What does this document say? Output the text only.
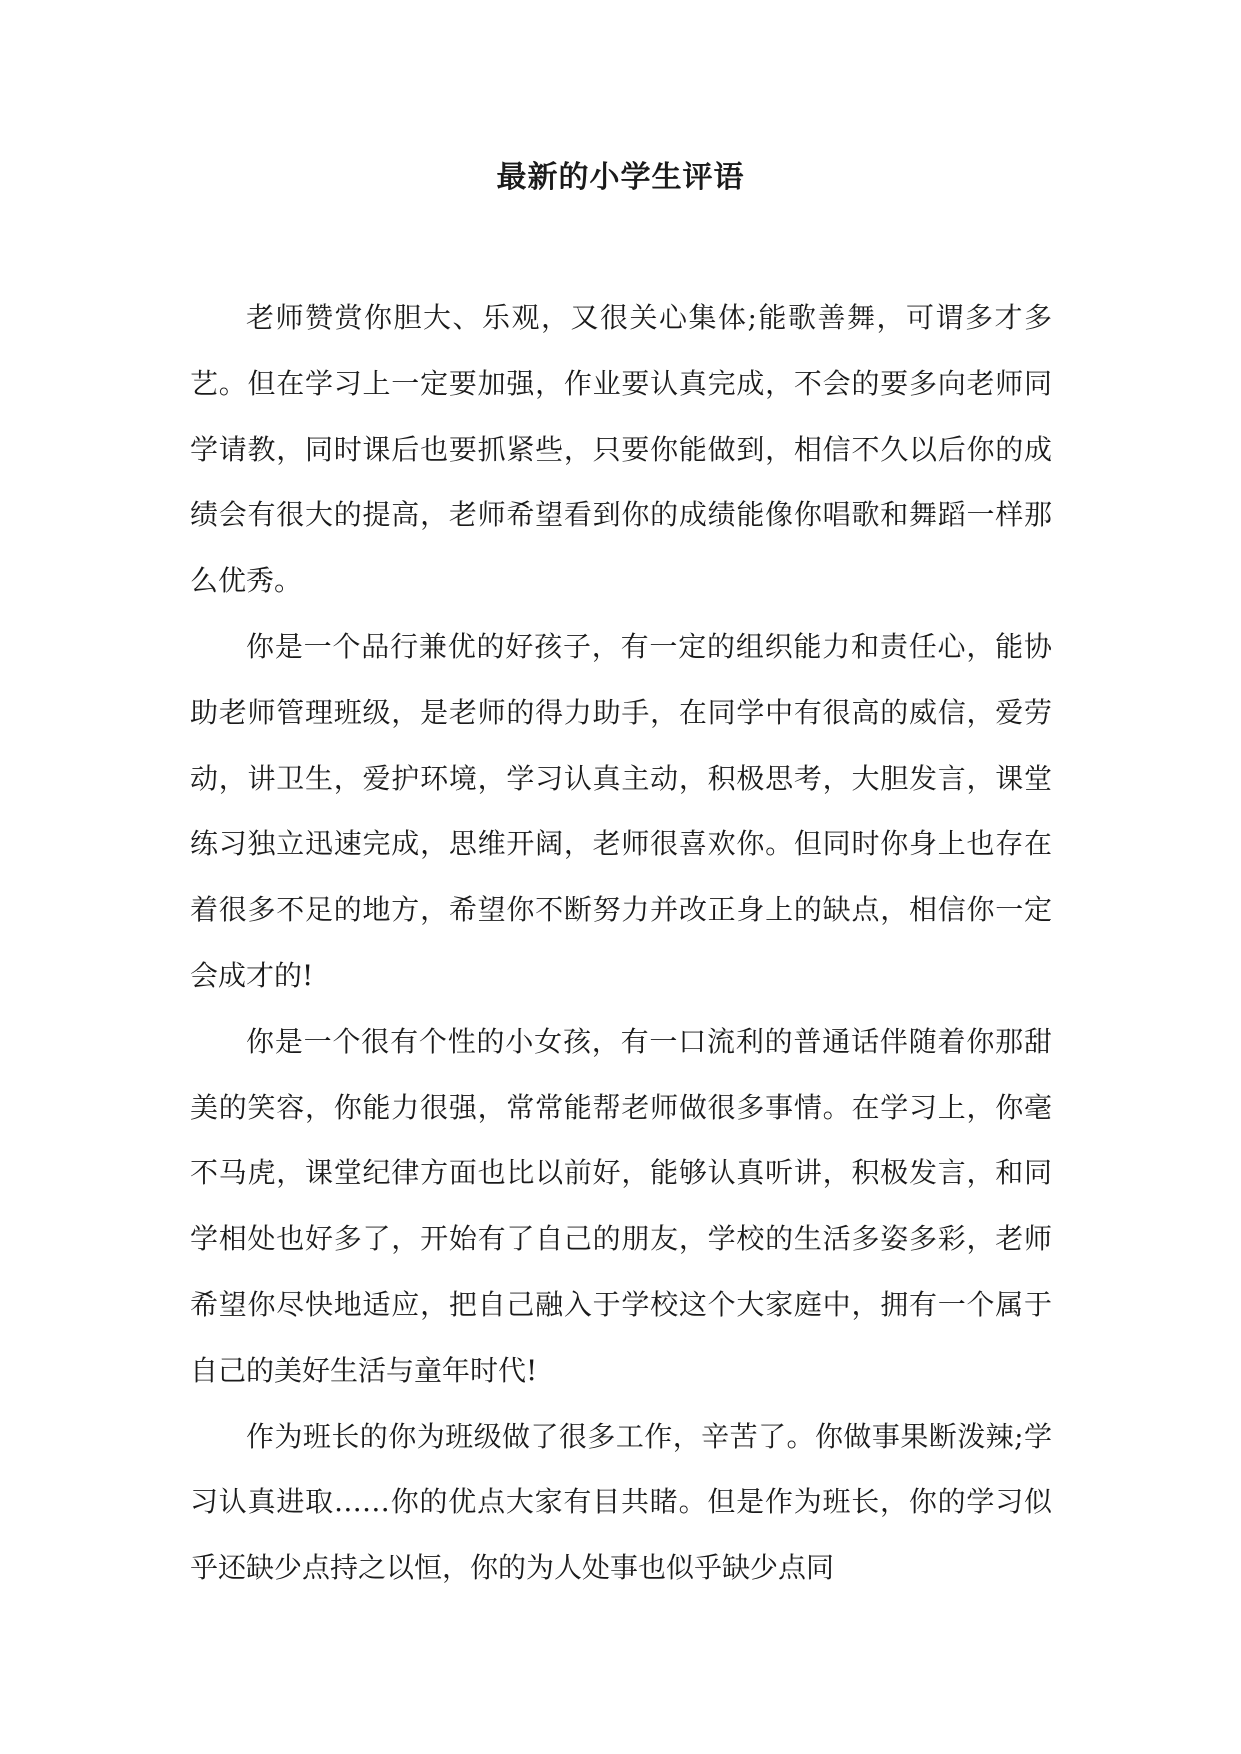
最新的小学生评语

老师赞赏你胆大、乐观，又很关心集体;能歌善舞，可谓多才多艺。但在学习上一定要加强，作业要认真完成，不会的要多向老师同学请教，同时课后也要抓紧些，只要你能做到，相信不久以后你的成绩会有很大的提高，老师希望看到你的成绩能像你唱歌和舞蹈一样那么优秀。

你是一个品行兼优的好孩子，有一定的组织能力和责任心，能协助老师管理班级，是老师的得力助手，在同学中有很高的威信，爱劳动，讲卫生，爱护环境，学习认真主动，积极思考，大胆发言，课堂练习独立迅速完成，思维开阔，老师很喜欢你。但同时你身上也存在着很多不足的地方，希望你不断努力并改正身上的缺点，相信你一定会成才的!

你是一个很有个性的小女孩，有一口流利的普通话伴随着你那甜美的笑容，你能力很强，常常能帮老师做很多事情。在学习上，你毫不马虎，课堂纪律方面也比以前好，能够认真听讲，积极发言，和同学相处也好多了，开始有了自己的朋友，学校的生活多姿多彩，老师希望你尽快地适应，把自己融入于学校这个大家庭中，拥有一个属于自己的美好生活与童年时代!

作为班长的你为班级做了很多工作，辛苦了。你做事果断泼辣;学习认真进取……你的优点大家有目共睹。但是作为班长，你的学习似乎还缺少点持之以恒，你的为人处事也似乎缺少点同
